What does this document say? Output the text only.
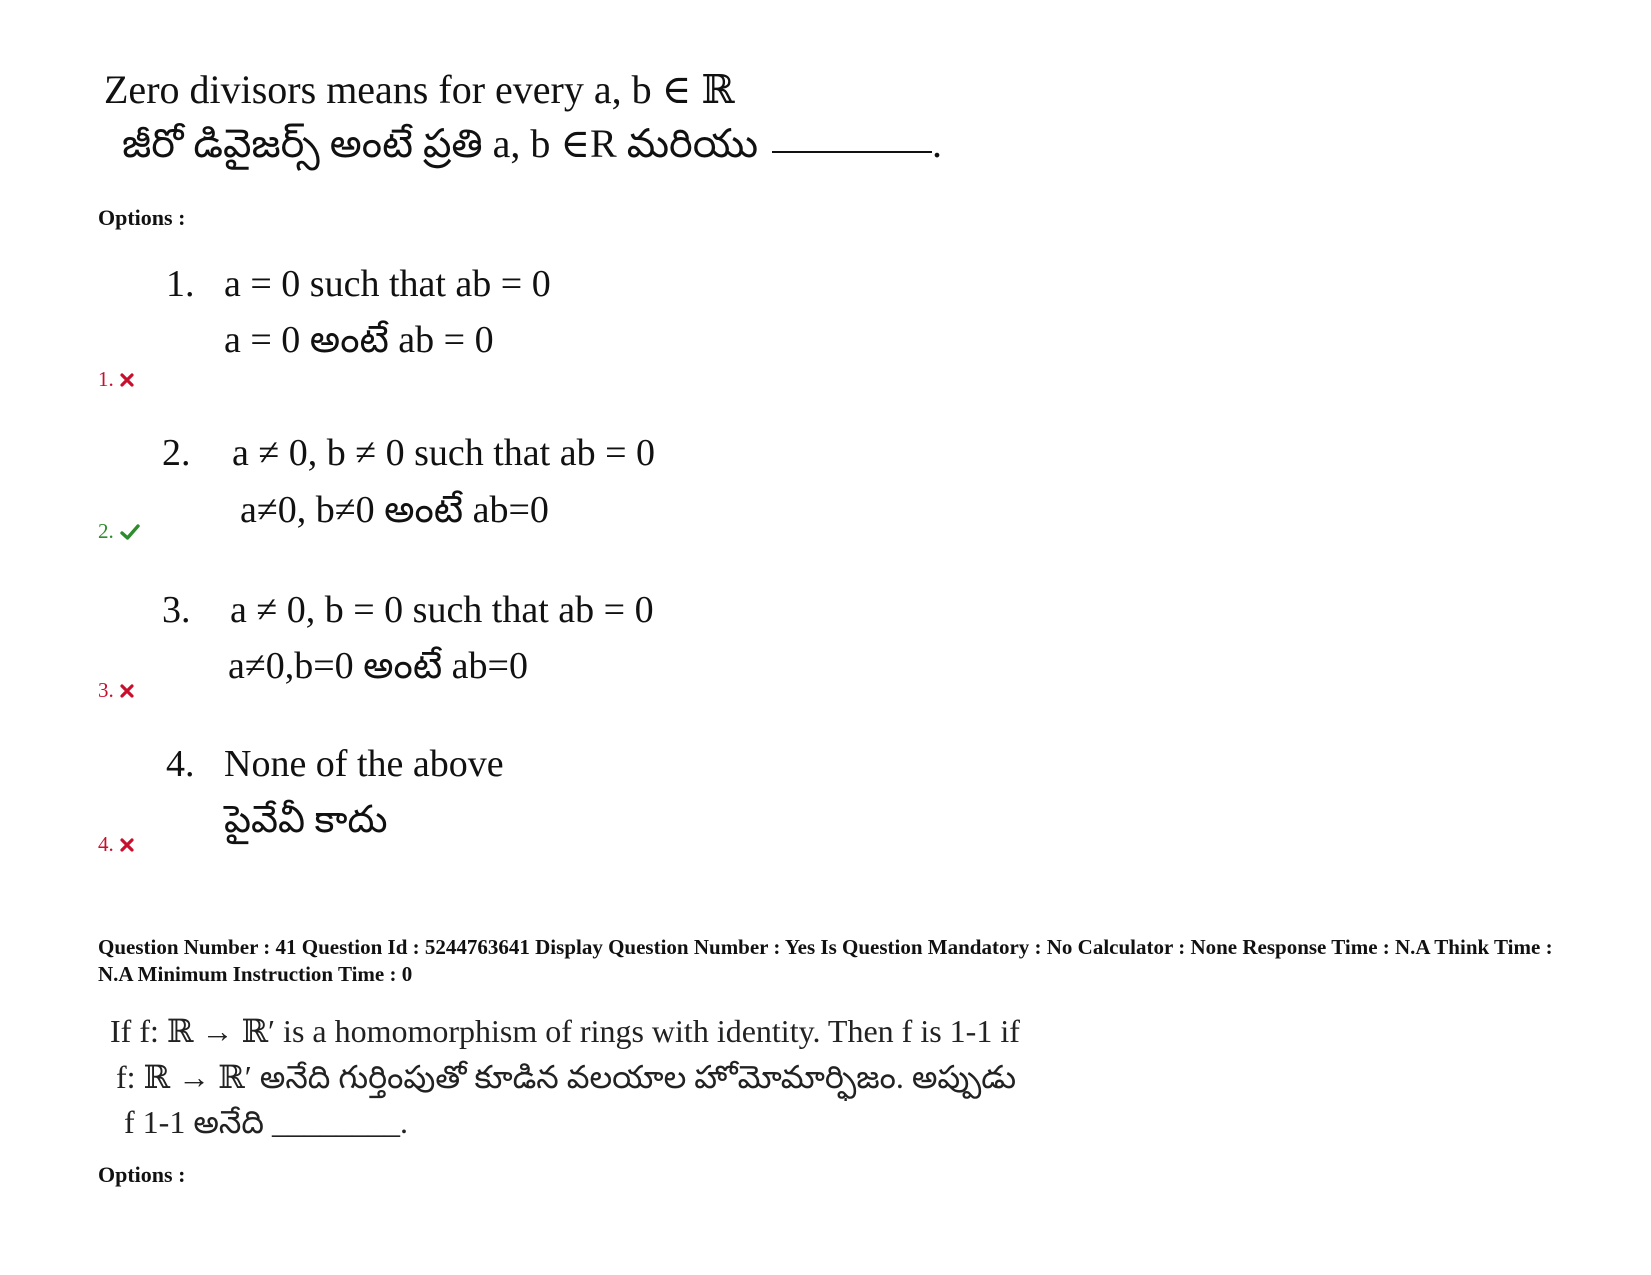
Zero divisors means for every a, b ∈ ℝ
జీరో డివైజర్స్ అంటే ప్రతి a, b ∈R మరియు	.
Options :
1. a = 0 such that ab = 0
a = 0 అంటే ab = 0
1.
2. a ≠ 0, b ≠ 0 such that ab = 0
a≠0, b≠0 అంటే ab=0
2.
3. a ≠ 0, b = 0 such that ab = 0
a≠0,b=0 అంటే ab=0
3.
4. None of the above
పైవేవీ కాదు
4.
Question Number : 41 Question Id : 5244763641 Display Question Number : Yes Is Question Mandatory : No Calculator : None Response Time : N.A Think Time : N.A Minimum Instruction Time : 0
If f: ℝ → ℝ′ is a homomorphism of rings with identity. Then f is 1-1 if
f: ℝ → ℝ′ అనేది గుర్తింపుతో కూడిన వలయాల హోమోమార్ఫిజం. అప్పుడు
f 1-1 అనేది ________.
Options :
